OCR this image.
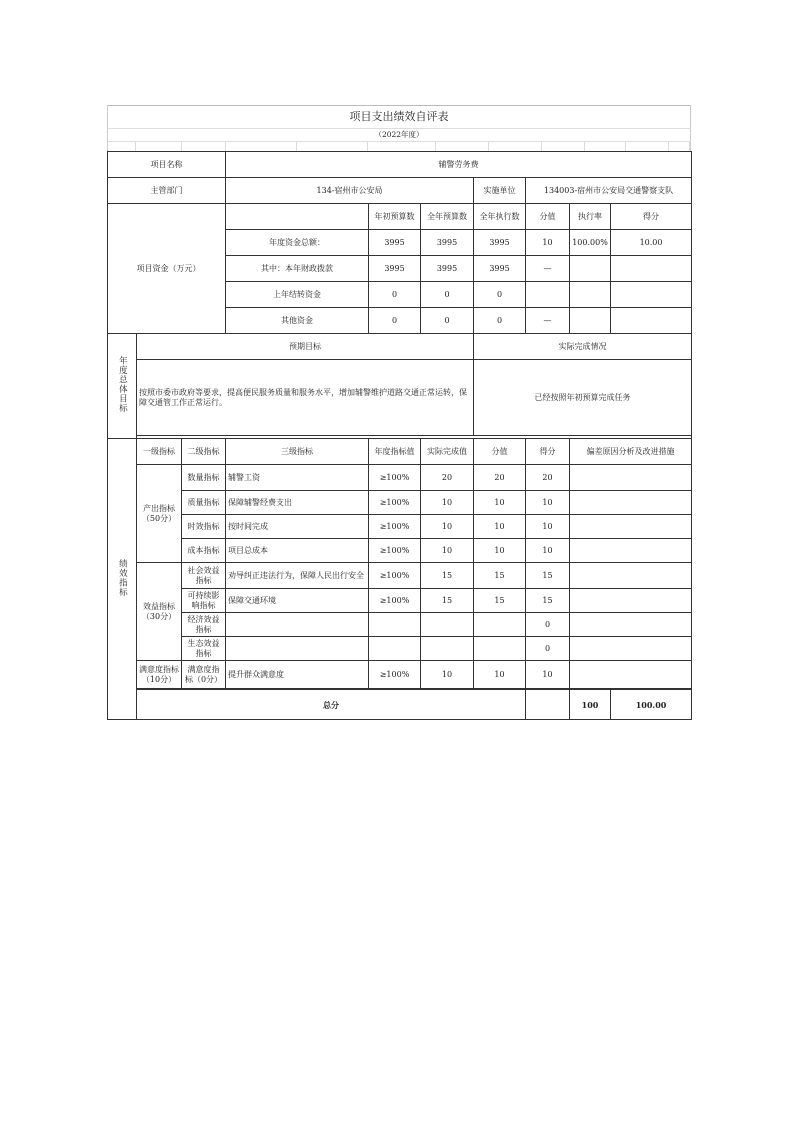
项目支出绩效自评表
（2022年度）
项目名称			辅警劳务费							
主管部门			134-宿州市公安局			实施单位	134003-宿州市公安局交通警察支队			
项目资金（万元）				年初预算数	全年预算数	全年执行数	分值	执行率	得分	
			年度资金总额：	3995	3995	3995	10	100.00%	10.00	
			其中：本年财政拨款	3995	3995	3995	—			
			上年结转资金	0	0	0				
			其他资金	0	0	0	—			
年度总体目标	预期目标					实际完成情况				
	按照市委市政府等要求，提高便民服务质量和服务水平，增加辅警维护道路交通正常运转，保障交通管工作正常运行。					已经按照年初预算完成任务				

绩效指标	一级指标	二级指标	三级指标	年度指标值	实际完成值	分值	得分	偏差原因分析及改进措施		
	产出指标（50分）	数量指标	辅警工资	≥100%	20	20	20			
		质量指标	保障辅警经费支出	≥100%	10	10	10			
		时效指标	按时间完成	≥100%	10	10	10			
		成本指标	项目总成本	≥100%	10	10	10			
	效益指标（30分）	社会效益指标	劝导纠正违法行为，保障人民出行安全	≥100%	15	15	15			
		可持续影响指标	保障交通环境	≥100%	15	15	15			
		经济效益指标					0			
		生态效益指标					0			
	满意度指标（10分）	满意度指标（0分）	提升群众满意度	≥100%	10	10	10			

	总分							100	100.00	
